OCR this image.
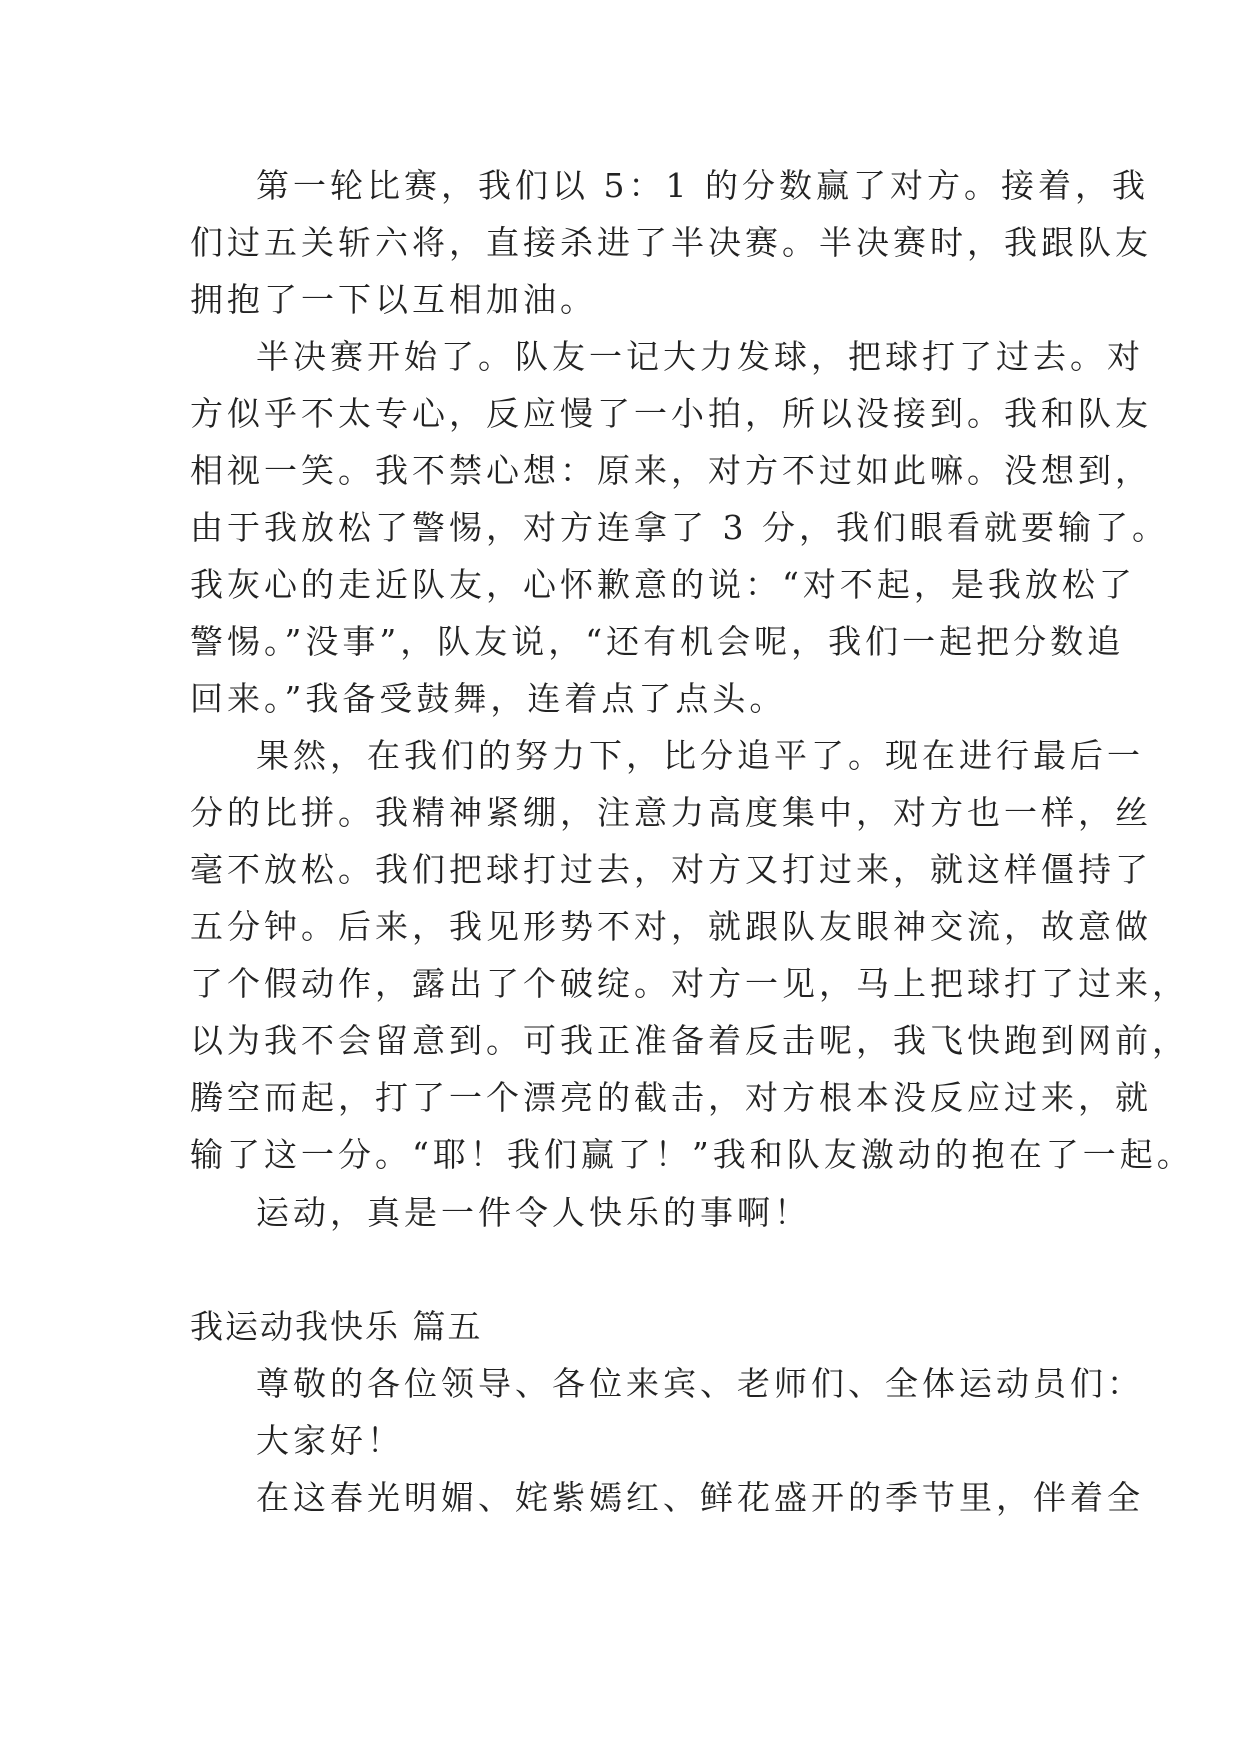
第一轮比赛，我们以 5：1 的分数赢了对方。接着，我
们过五关斩六将，直接杀进了半决赛。半决赛时，我跟队友
拥抱了一下以互相加油。
半决赛开始了。队友一记大力发球，把球打了过去。对
方似乎不太专心，反应慢了一小拍，所以没接到。我和队友
相视一笑。我不禁心想：原来，对方不过如此嘛。没想到，
由于我放松了警惕，对方连拿了 3 分，我们眼看就要输了。
我灰心的走近队友，心怀歉意的说：“对不起，是我放松了
警惕。”没事”，队友说，“还有机会呢，我们一起把分数追
回来。”我备受鼓舞，连着点了点头。
果然，在我们的努力下，比分追平了。现在进行最后一
分的比拼。我精神紧绷，注意力高度集中，对方也一样，丝
毫不放松。我们把球打过去，对方又打过来，就这样僵持了
五分钟。后来，我见形势不对，就跟队友眼神交流，故意做
了个假动作，露出了个破绽。对方一见，马上把球打了过来，
以为我不会留意到。可我正准备着反击呢，我飞快跑到网前，
腾空而起，打了一个漂亮的截击，对方根本没反应过来，就
输了这一分。“耶！我们赢了！”我和队友激动的抱在了一起。
运动，真是一件令人快乐的事啊！
我运动我快乐 篇五
尊敬的各位领导、各位来宾、老师们、全体运动员们：
大家好！
在这春光明媚、姹紫嫣红、鲜花盛开的季节里，伴着全
